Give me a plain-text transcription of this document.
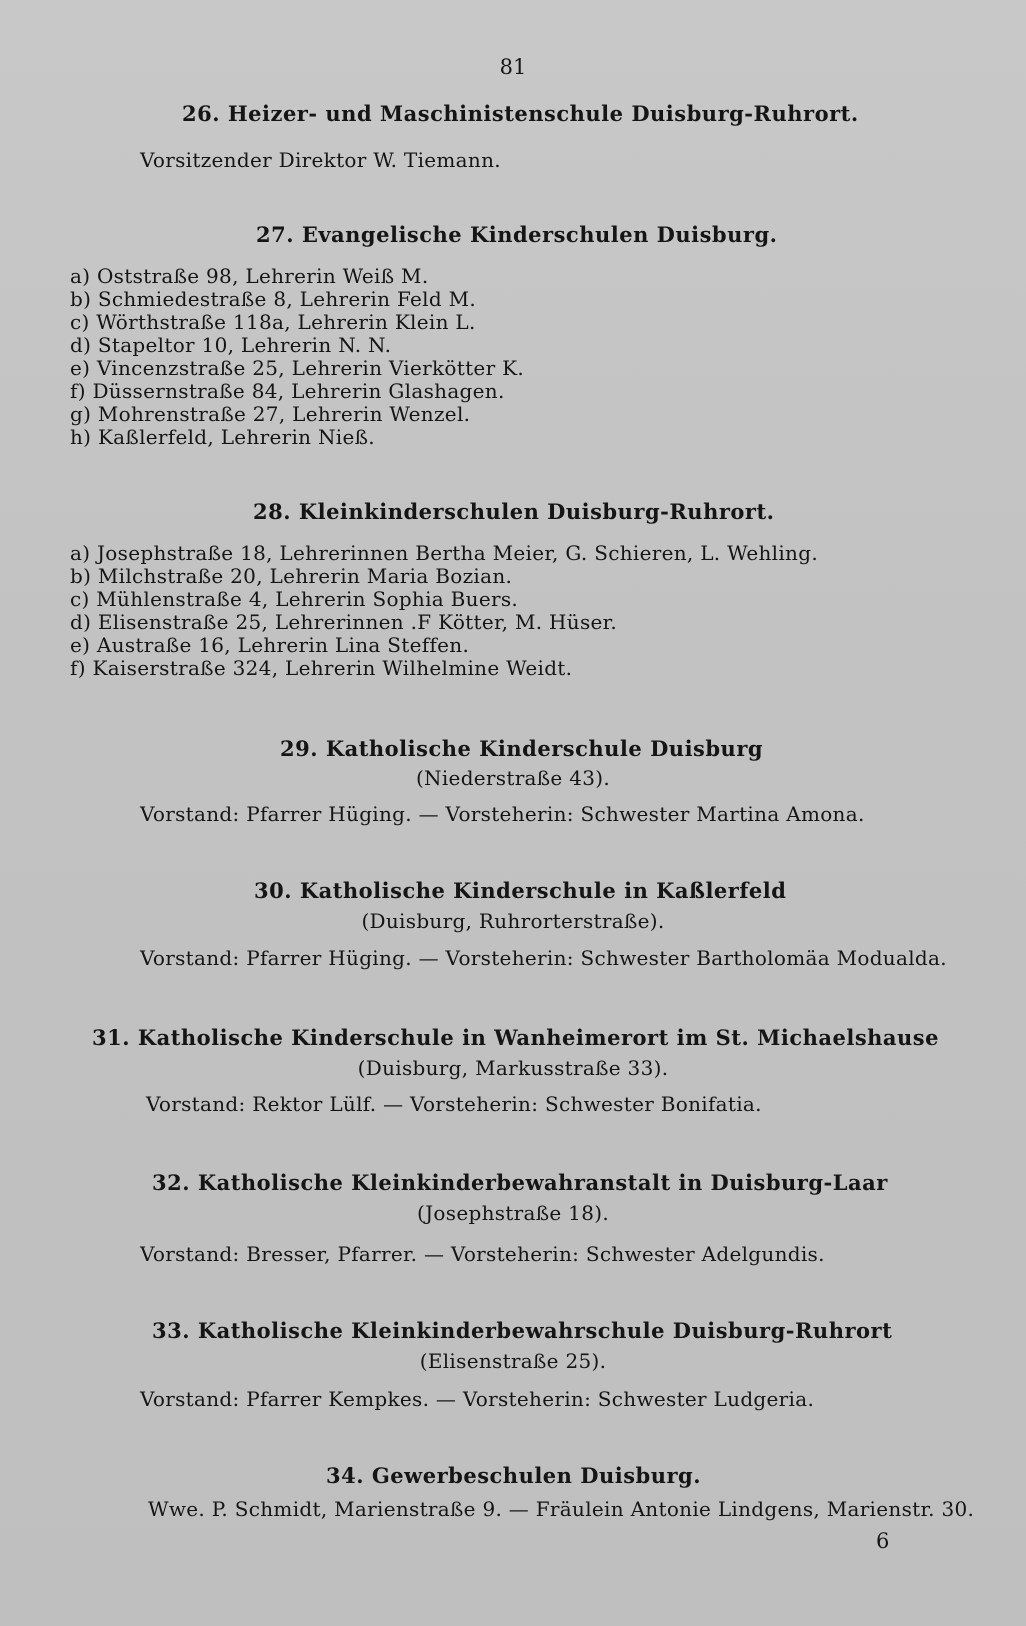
81
26. Heizer- und Maschinistenschule Duisburg-Ruhrort.
Vorsitzender Direktor W. Tiemann.
27. Evangelische Kinderschulen Duisburg.
a) Oststraße 98, Lehrerin Weiß M.
b) Schmiedestraße 8, Lehrerin Feld M.
c) Wörthstraße 118a, Lehrerin Klein L.
d) Stapeltor 10, Lehrerin N. N.
e) Vincenzstraße 25, Lehrerin Vierkötter K.
f) Düssernstraße 84, Lehrerin Glashagen.
g) Mohrenstraße 27, Lehrerin Wenzel.
h) Kaßlerfeld, Lehrerin Nieß.
28. Kleinkinderschulen Duisburg-Ruhrort.
a) Josephstraße 18, Lehrerinnen Bertha Meier, G. Schieren, L. Wehling.
b) Milchstraße 20, Lehrerin Maria Bozian.
c) Mühlenstraße 4, Lehrerin Sophia Buers.
d) Elisenstraße 25, Lehrerinnen .F Kötter, M. Hüser.
e) Austraße 16, Lehrerin Lina Steffen.
f) Kaiserstraße 324, Lehrerin Wilhelmine Weidt.
29. Katholische Kinderschule Duisburg
(Niederstraße 43).
Vorstand: Pfarrer Hüging. — Vorsteherin: Schwester Martina Amona.
30. Katholische Kinderschule in Kaßlerfeld
(Duisburg, Ruhrorterstraße).
Vorstand: Pfarrer Hüging. — Vorsteherin: Schwester Bartholomäa Modualda.
31. Katholische Kinderschule in Wanheimerort im St. Michaelshause
(Duisburg, Markusstraße 33).
Vorstand: Rektor Lülf. — Vorsteherin: Schwester Bonifatia.
32. Katholische Kleinkinderbewahranstalt in Duisburg-Laar
(Josephstraße 18).
Vorstand: Bresser, Pfarrer. — Vorsteherin: Schwester Adelgundis.
33. Katholische Kleinkinderbewahrschule Duisburg-Ruhrort
(Elisenstraße 25).
Vorstand: Pfarrer Kempkes. — Vorsteherin: Schwester Ludgeria.
34. Gewerbeschulen Duisburg.
Wwe. P. Schmidt, Marienstraße 9. — Fräulein Antonie Lindgens, Marienstr. 30.
6
